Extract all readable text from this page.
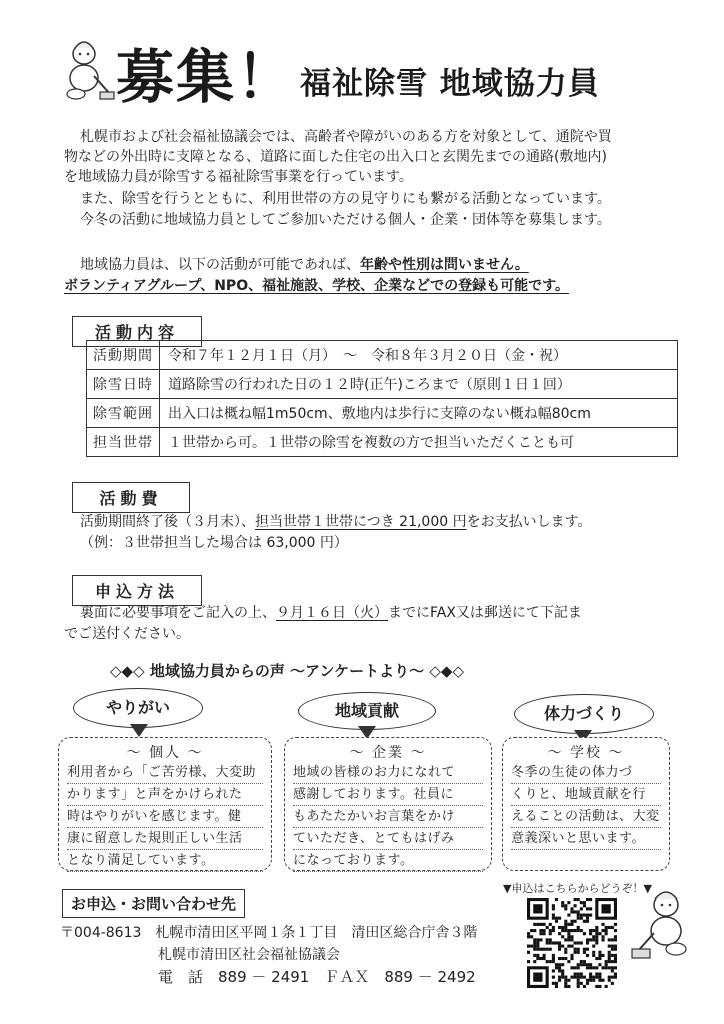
募集！ 福祉除雪 地域協力員
札幌市および社会福祉協議会では、高齢者や障がいのある方を対象として、通院や買
物などの外出時に支障となる、道路に面した住宅の出入口と玄関先までの通路(敷地内)
を地域協力員が除雪する福祉除雪事業を行っています。
また、除雪を行うとともに、利用世帯の方の見守りにも繋がる活動となっています。
今冬の活動に地域協力員としてご参加いただける個人・企業・団体等を募集します。
地域協力員は、以下の活動が可能であれば、年齢や性別は問いません。
ボランティアグループ、NPO、福祉施設、学校、企業などでの登録も可能です。
活動内容
活動期間	令和７年１２月１日（月）　～　令和８年３月２０日（金・祝）
除雪日時	道路除雪の行われた日の１２時(正午)ころまで（原則１日１回）
除雪範囲	出入口は概ね幅1m50cm、敷地内は歩行に支障のない概ね幅80cm
担当世帯	１世帯から可。１世帯の除雪を複数の方で担当いただくことも可
活動費
活動期間終了後（３月末）、担当世帯１世帯につき 21,000 円をお支払いします。
（例：３世帯担当した場合は 63,000 円）
申込方法
裏面に必要事項をご記入の上、９月１６日（火）までにFAX又は郵送にて下記ま
でご送付ください。
◇◆◇ 地域協力員からの声 ～アンケートより～ ◇◆◇
やりがい	地域貢献	体力づくり
～ 個人 ～
利用者から「ご苦労様、大変助
かります」と声をかけられた
時はやりがいを感じます。健
康に留意した規則正しい生活
となり満足しています。
～ 企業 ～
地域の皆様のお力になれて
感謝しております。社員に
もあたたかいお言葉をかけ
ていただき、とてもはげみ
になっております。
～ 学校 ～
冬季の生徒の体力づ
くりと、地域貢献を行
えることの活動は、大変
意義深いと思います。
お申込・お問い合わせ先
▼申込はこちらからどうぞ！▼
〒004-8613　札幌市清田区平岡１条１丁目　清田区総合庁舎３階
札幌市清田区社会福祉協議会
電　話　889 － 2491　ＦＡＸ　889 － 2492
